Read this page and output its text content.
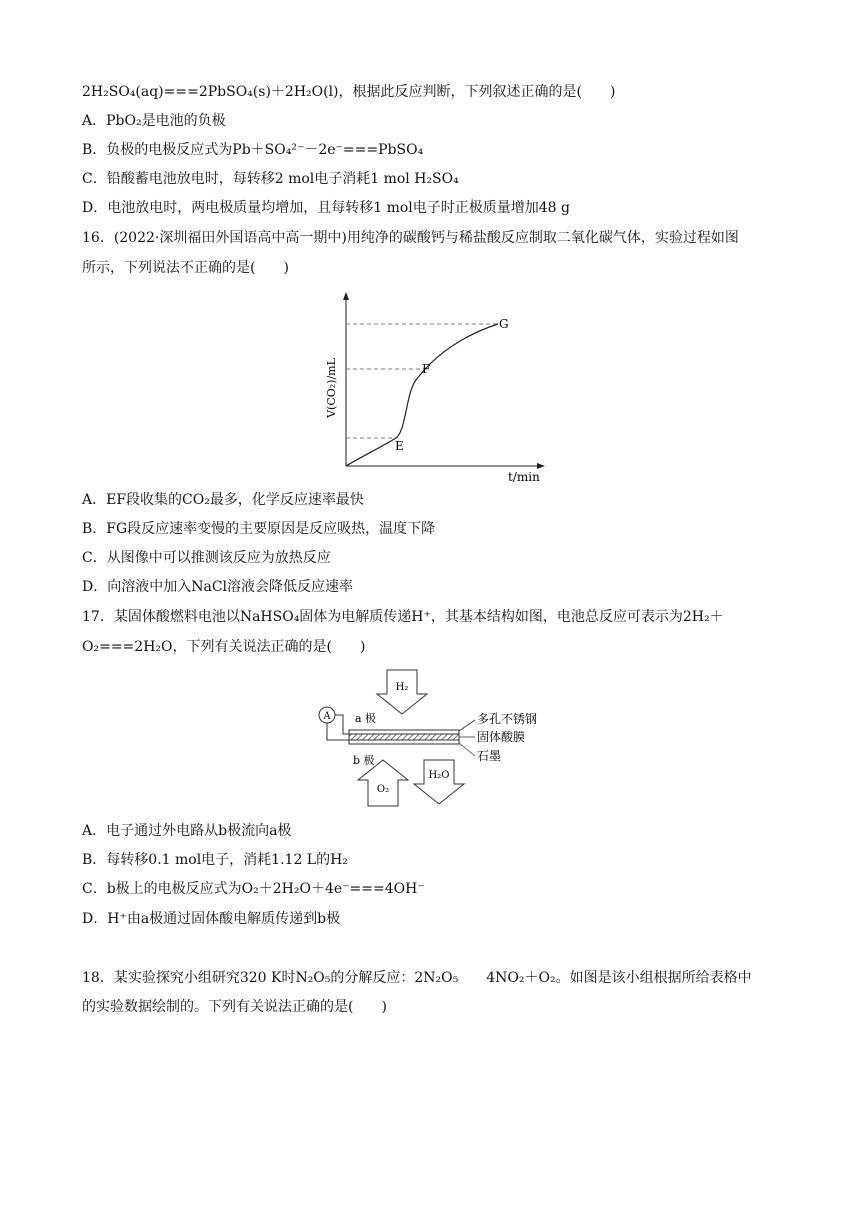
2H₂SO₄(aq)===2PbSO₄(s)＋2H₂O(l)，根据此反应判断，下列叙述正确的是(　　)
A．PbO₂是电池的负极
B．负极的电极反应式为Pb＋SO₄²⁻－2e⁻===PbSO₄
C．铅酸蓄电池放电时，每转移2 mol电子消耗1 mol H₂SO₄
D．电池放电时，两电极质量均增加，且每转移1 mol电子时正极质量增加48 g
16．(2022·深圳福田外国语高中高一期中)用纯净的碳酸钙与稀盐酸反应制取二氧化碳气体，实验过程如图
所示，下列说法不正确的是(　　)
E
F
G
V(CO₂)/mL
t/min
A．EF段收集的CO₂最多，化学反应速率最快
B．FG段反应速率变慢的主要原因是反应吸热，温度下降
C．从图像中可以推测该反应为放热反应
D．向溶液中加入NaCl溶液会降低反应速率
17．某固体酸燃料电池以NaHSO₄固体为电解质传递H⁺，其基本结构如图，电池总反应可表示为2H₂＋
O₂===2H₂O，下列有关说法正确的是(　　)
H₂
A a 极
b 极
多孔不锈钢
固体酸膜
石墨
O₂
H₂O
A．电子通过外电路从b极流向a极
B．每转移0.1 mol电子，消耗1.12 L的H₂
C．b极上的电极反应式为O₂＋2H₂O＋4e⁻===4OH⁻
D．H⁺由a极通过固体酸电解质传递到b极
18．某实验探究小组研究320 K时N₂O₅的分解反应：2N₂O₅　　4NO₂＋O₂。如图是该小组根据所给表格中
的实验数据绘制的。下列有关说法正确的是(　　)
